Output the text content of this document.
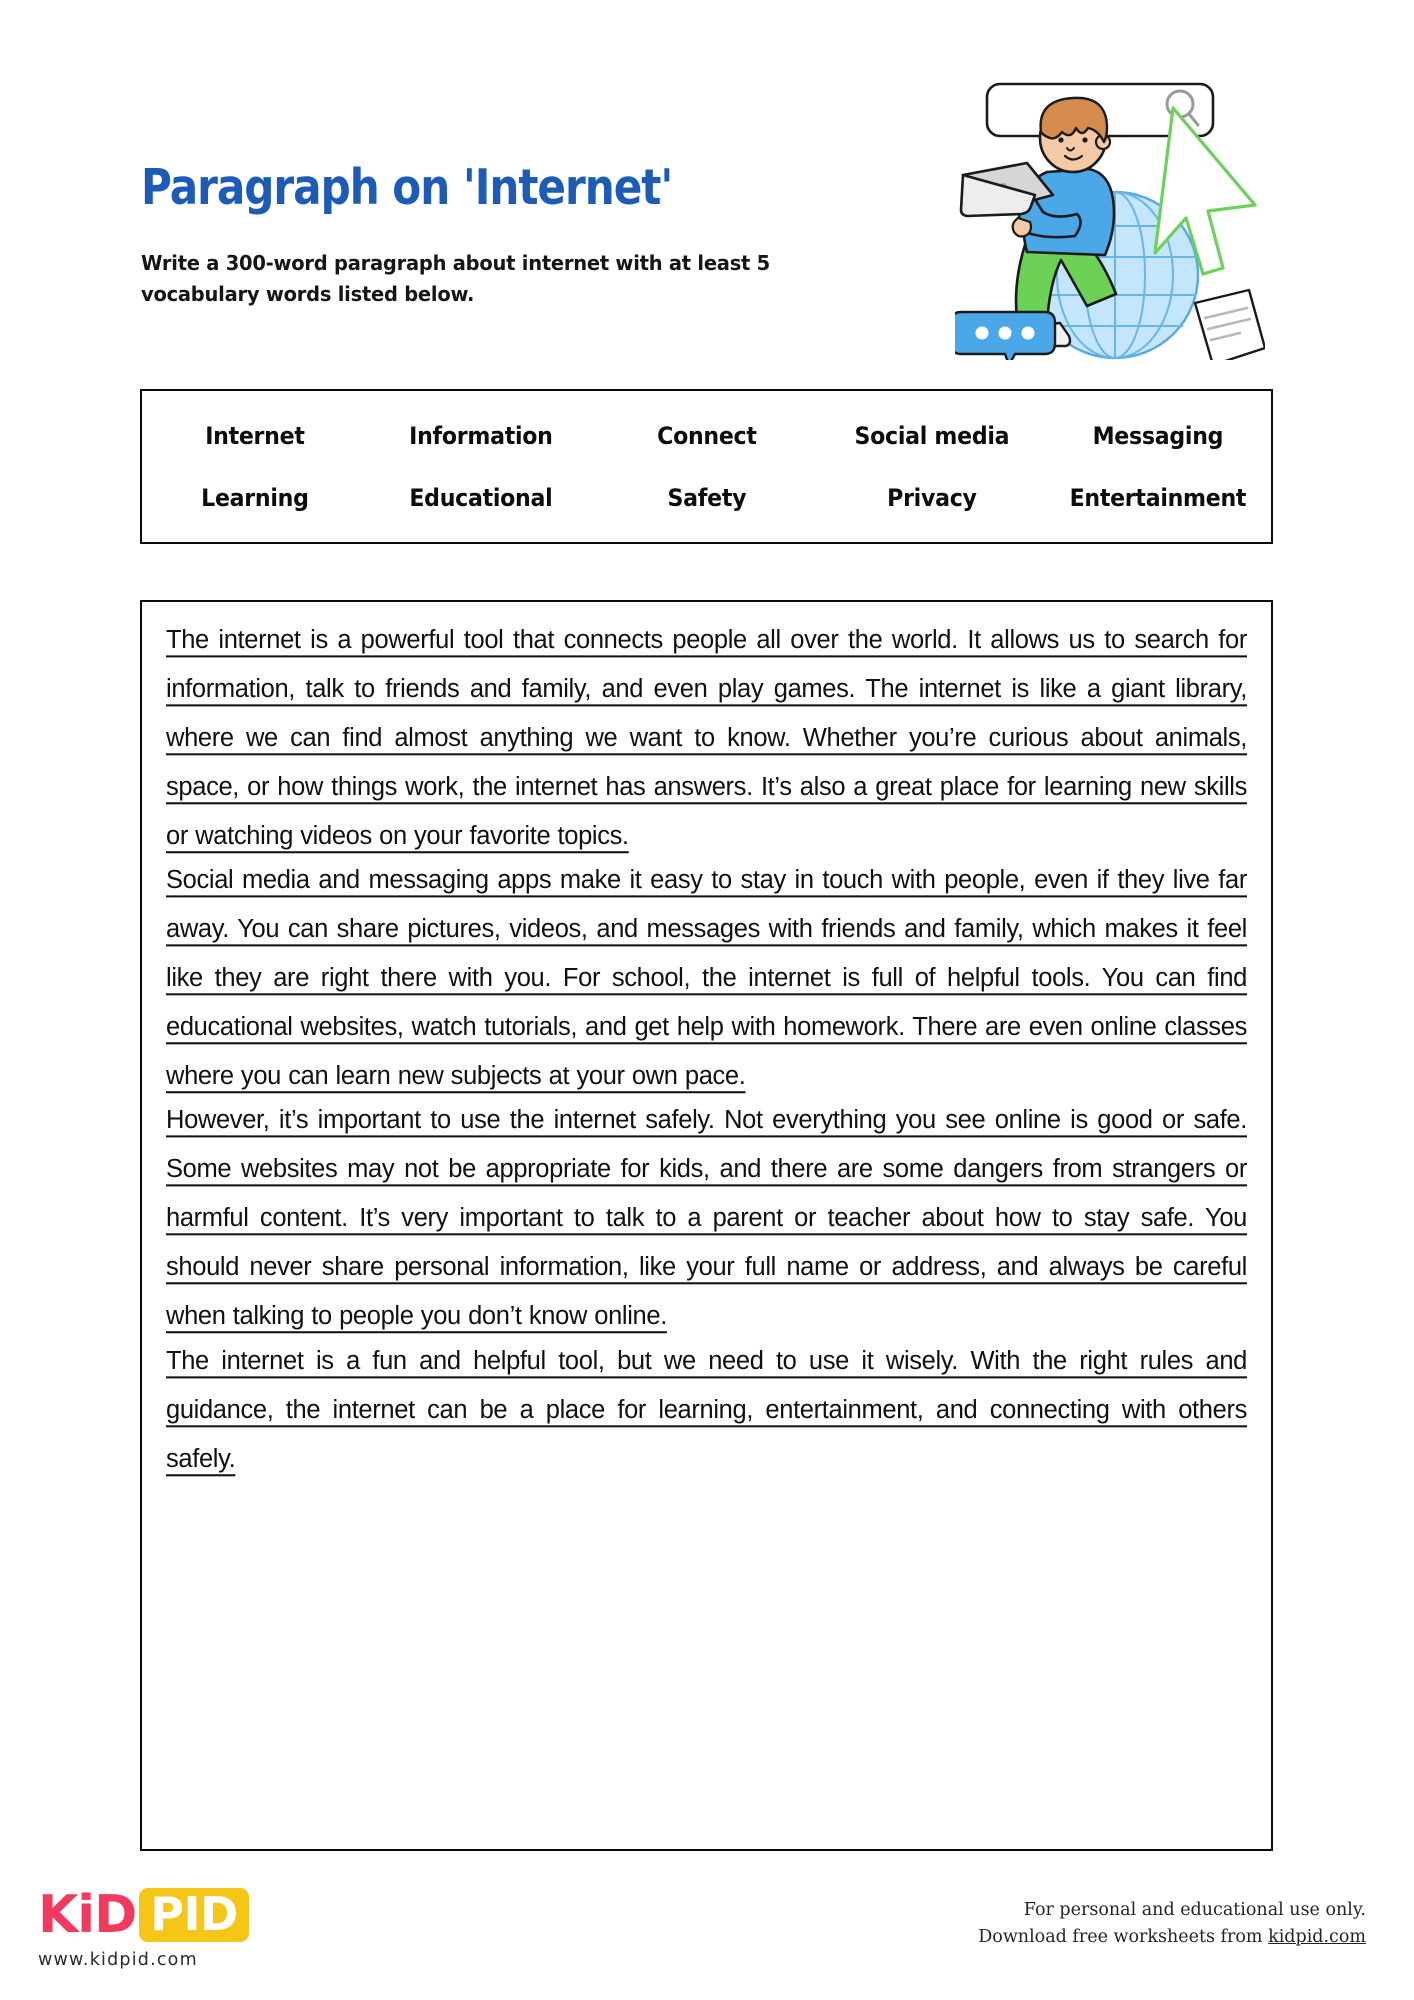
Paragraph on 'Internet'
Write a 300-word paragraph about internet with at least 5 vocabulary words listed below.
Internet	Information	Connect	Social media	Messaging
Learning	Educational	Safety	Privacy	Entertainment

The internet is a powerful tool that connects people all over the world. It allows us to search for information, talk to friends and family, and even play games. The internet is like a giant library, where we can find almost anything we want to know. Whether you’re curious about animals, space, or how things work, the internet has answers. It’s also a great place for learning new skills or watching videos on your favorite topics.

Social media and messaging apps make it easy to stay in touch with people, even if they live far away. You can share pictures, videos, and messages with friends and family, which makes it feel like they are right there with you. For school, the internet is full of helpful tools. You can find educational websites, watch tutorials, and get help with homework. There are even online classes where you can learn new subjects at your own pace.

However, it’s important to use the internet safely. Not everything you see online is good or safe. Some websites may not be appropriate for kids, and there are some dangers from strangers or harmful content. It’s very important to talk to a parent or teacher about how to stay safe. You should never share personal information, like your full name or address, and always be careful when talking to people you don’t know online.

The internet is a fun and helpful tool, but we need to use it wisely. With the right rules and guidance, the internet can be a place for learning, entertainment, and connecting with others safely.

KiD PID
www.kidpid.com
For personal and educational use only.
Download free worksheets from kidpid.com
